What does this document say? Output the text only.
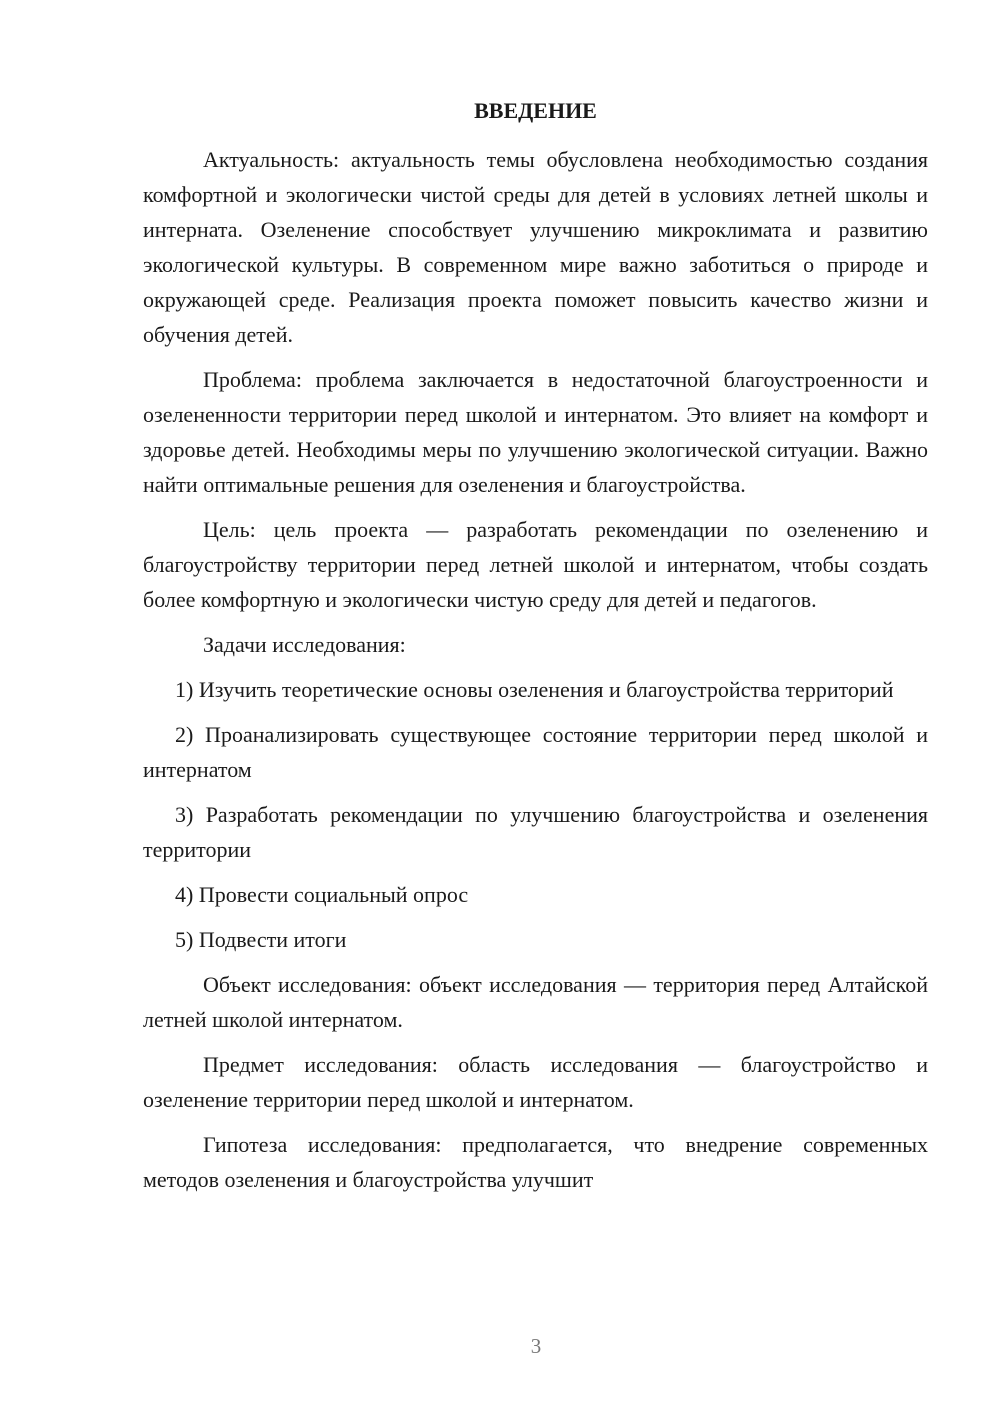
ВВЕДЕНИЕ

Актуальность: актуальность темы обусловлена необходимостью создания комфортной и экологически чистой среды для детей в условиях летней школы и интерната. Озеленение способствует улучшению микроклимата и развитию экологической культуры. В современном мире важно заботиться о природе и окружающей среде. Реализация проекта поможет повысить качество жизни и обучения детей.

Проблема: проблема заключается в недостаточной благоустроенности и озелененности территории перед школой и интернатом. Это влияет на комфорт и здоровье детей. Необходимы меры по улучшению экологической ситуации. Важно найти оптимальные решения для озеленения и благоустройства.

Цель: цель проекта — разработать рекомендации по озеленению и благоустройству территории перед летней школой и интернатом, чтобы создать более комфортную и экологически чистую среду для детей и педагогов.

Задачи исследования:

1) Изучить теоретические основы озеленения и благоустройства территорий

2) Проанализировать существующее состояние территории перед школой и интернатом

3) Разработать рекомендации по улучшению благоустройства и озеленения территории

4) Провести социальный опрос

5) Подвести итоги

Объект исследования: объект исследования — территория перед Алтайской летней школой интернатом.

Предмет исследования: область исследования — благоустройство и озеленение территории перед школой и интернатом.

Гипотеза исследования: предполагается, что внедрение современных методов озеленения и благоустройства улучшит

3
